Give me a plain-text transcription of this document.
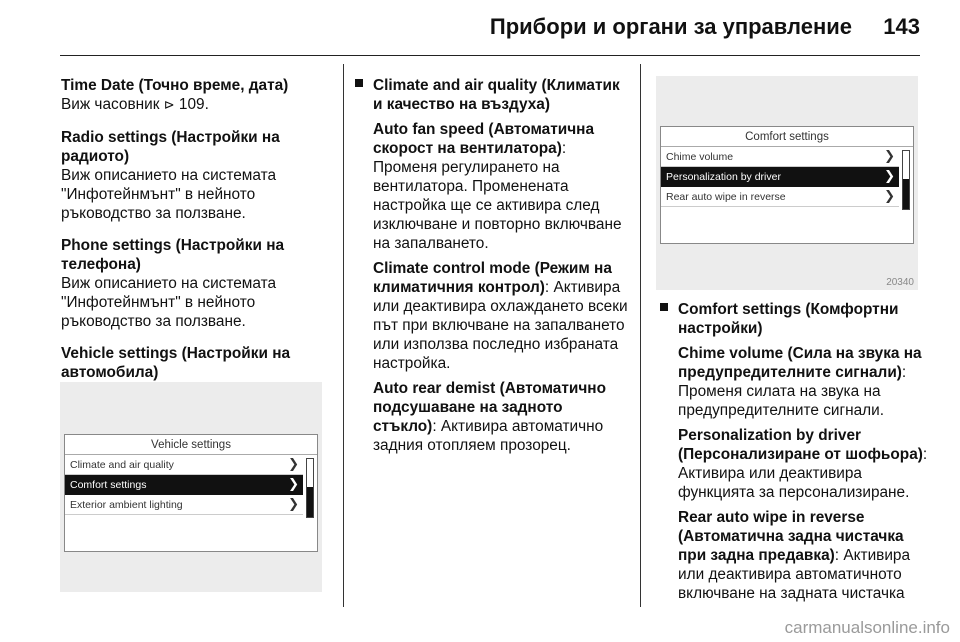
Прибори и органи за управление 143
Time Date (Точно време, дата)
Виж часовник ⊳ 109.
Radio settings (Настройки на радиото)
Виж описанието на системата "Инфотейнмънт" в нейното ръководство за ползване.
Phone settings (Настройки на телефона)
Виж описанието на системата "Инфотейнмънт" в нейното ръководство за ползване.
Vehicle settings (Настройки на автомобила)
Vehicle settings
Climate and air quality	❯
Comfort settings	❯
Exterior ambient lighting	❯
Climate and air quality (Климатик и качество на въздуха)
Auto fan speed (Автоматична скорост на вентилатора): Променя регулирането на вентилатора. Променената настройка ще се активира след изключване и повторно включване на запалването.
Climate control mode (Режим на климатичния контрол): Активира или деактивира охлаждането всеки път при включване на запалването или използва последно избраната настройка.
Auto rear demist (Автоматично подсушаване на задното стъкло): Активира автоматично задния отопляем прозорец.
Comfort settings
Chime volume	❯
Personalization by driver	❯
Rear auto wipe in reverse	❯
20340
Comfort settings (Комфортни настройки)
Chime volume (Сила на звука на предупредителните сигнали): Променя силата на звука на предупредителните сигнали.
Personalization by driver (Персонализиране от шофьора): Активира или деактивира функцията за персонализиране.
Rear auto wipe in reverse (Автоматична задна чистачка при задна предавка): Активира или деактивира автоматичното включване на задната чистачка
carmanualsonline.info
